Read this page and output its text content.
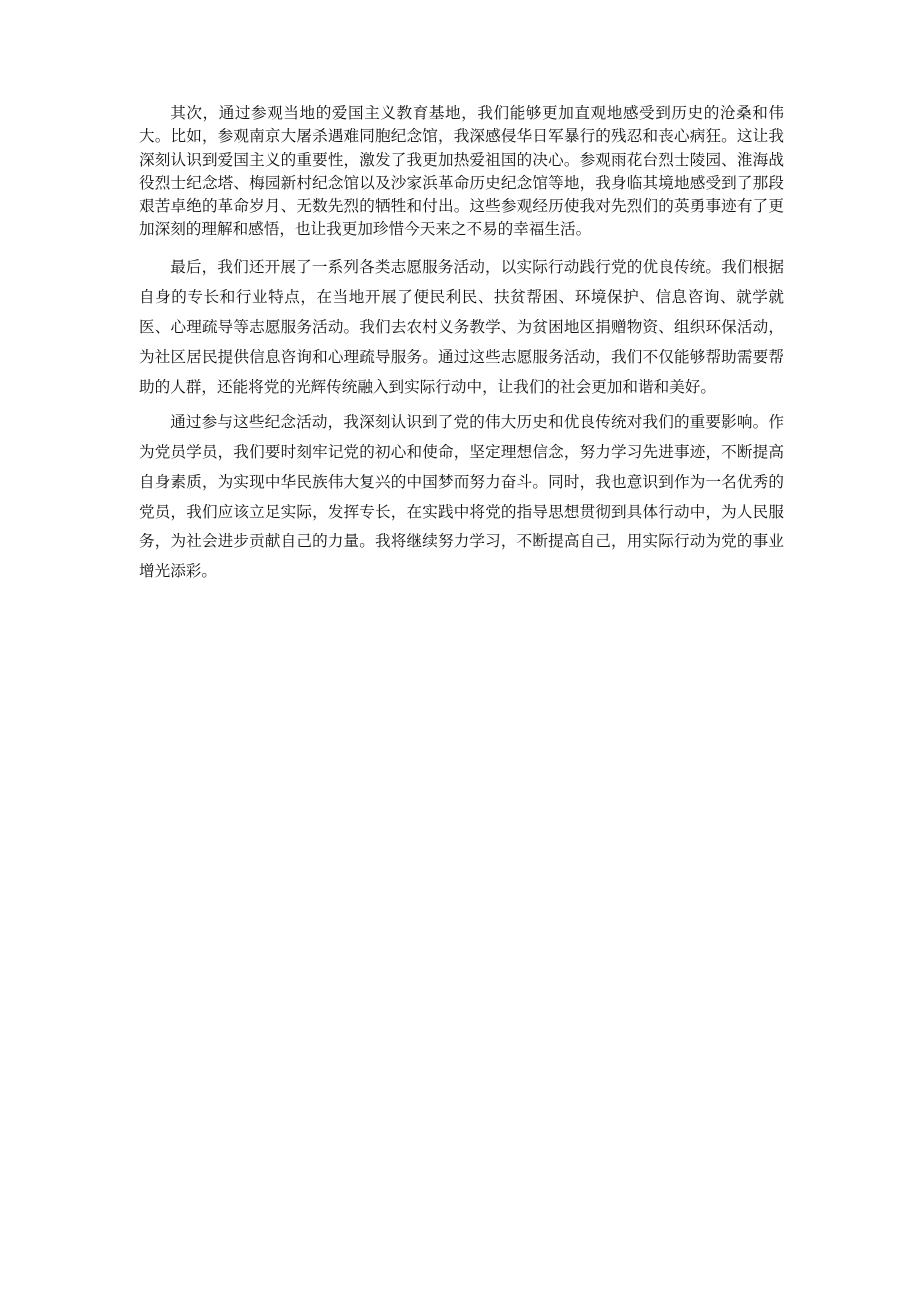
其次，通过参观当地的爱国主义教育基地，我们能够更加直观地感受到历史的沧桑和伟大。比如，参观南京大屠杀遇难同胞纪念馆，我深感侵华日军暴行的残忍和丧心病狂。这让我深刻认识到爱国主义的重要性，激发了我更加热爱祖国的决心。参观雨花台烈士陵园、淮海战役烈士纪念塔、梅园新村纪念馆以及沙家浜革命历史纪念馆等地，我身临其境地感受到了那段艰苦卓绝的革命岁月、无数先烈的牺牲和付出。这些参观经历使我对先烈们的英勇事迹有了更加深刻的理解和感悟，也让我更加珍惜今天来之不易的幸福生活。

最后，我们还开展了一系列各类志愿服务活动，以实际行动践行党的优良传统。我们根据自身的专长和行业特点，在当地开展了便民利民、扶贫帮困、环境保护、信息咨询、就学就医、心理疏导等志愿服务活动。我们去农村义务教学、为贫困地区捐赠物资、组织环保活动，为社区居民提供信息咨询和心理疏导服务。通过这些志愿服务活动，我们不仅能够帮助需要帮助的人群，还能将党的光辉传统融入到实际行动中，让我们的社会更加和谐和美好。

通过参与这些纪念活动，我深刻认识到了党的伟大历史和优良传统对我们的重要影响。作为党员学员，我们要时刻牢记党的初心和使命，坚定理想信念，努力学习先进事迹，不断提高自身素质，为实现中华民族伟大复兴的中国梦而努力奋斗。同时，我也意识到作为一名优秀的党员，我们应该立足实际，发挥专长，在实践中将党的指导思想贯彻到具体行动中，为人民服务，为社会进步贡献自己的力量。我将继续努力学习，不断提高自己，用实际行动为党的事业增光添彩。
